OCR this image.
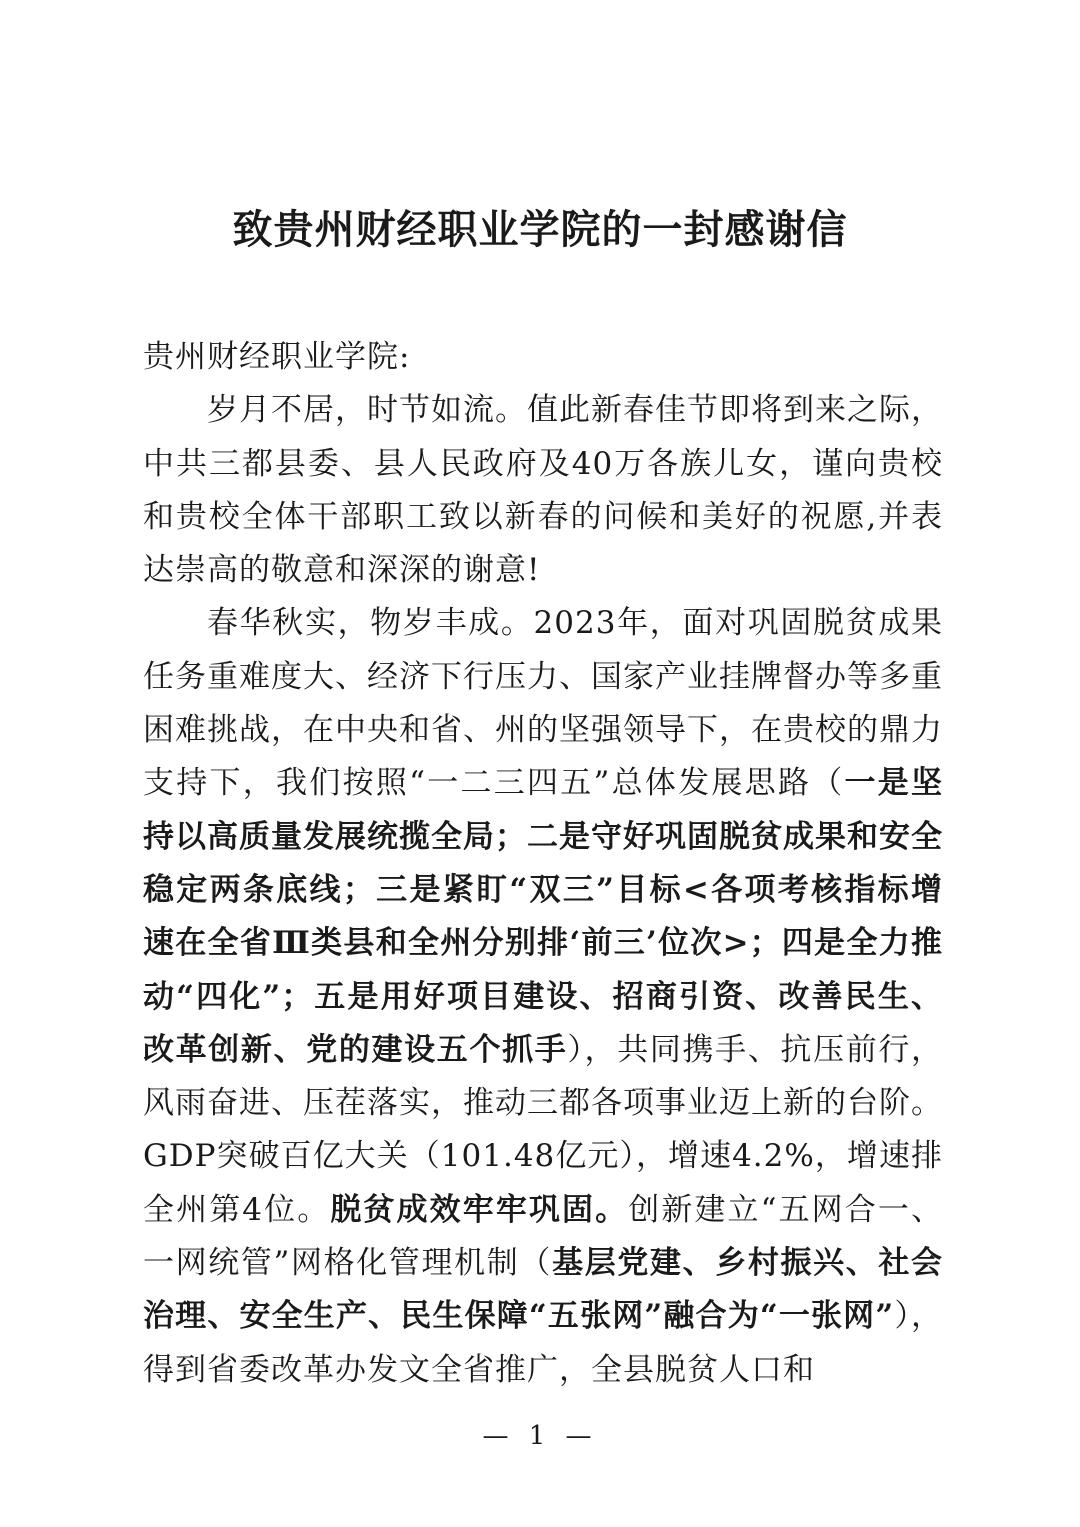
致贵州财经职业学院的一封感谢信

贵州财经职业学院:

岁月不居，时节如流。值此新春佳节即将到来之际，中共三都县委、县人民政府及40万各族儿女，谨向贵校和贵校全体干部职工致以新春的问候和美好的祝愿,并表达崇高的敬意和深深的谢意!

春华秋实，物岁丰成。2023年，面对巩固脱贫成果任务重难度大、经济下行压力、国家产业挂牌督办等多重困难挑战，在中央和省、州的坚强领导下，在贵校的鼎力支持下，我们按照“一二三四五”总体发展思路（一是坚持以高质量发展统揽全局；二是守好巩固脱贫成果和安全稳定两条底线；三是紧盯“双三”目标<各项考核指标增速在全省Ⅲ类县和全州分别排‘前三’位次>；四是全力推动“四化”；五是用好项目建设、招商引资、改善民生、改革创新、党的建设五个抓手），共同携手、抗压前行，风雨奋进、压茬落实，推动三都各项事业迈上新的台阶。GDP突破百亿大关（101.48亿元），增速4.2%，增速排全州第4位。脱贫成效牢牢巩固。创新建立“五网合一、一网统管”网格化管理机制（基层党建、乡村振兴、社会治理、安全生产、民生保障“五张网”融合为“一张网”），得到省委改革办发文全省推广，全县脱贫人口和

— 1 —
